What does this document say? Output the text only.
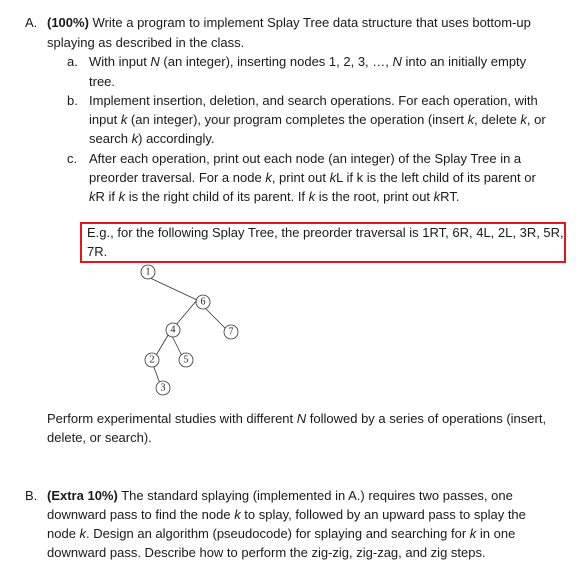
A. (100%) Write a program to implement Splay Tree data structure that uses bottom-up

splaying as described in the class.

a. With input N (an integer), inserting nodes 1, 2, 3, …, N into an initially empty

tree.

b. Implement insertion, deletion, and search operations. For each operation, with

input k (an integer), your program completes the operation (insert k, delete k, or

search k) accordingly.

c. After each operation, print out each node (an integer) of the Splay Tree in a

preorder traversal. For a node k, print out kL if k is the left child of its parent or

kR if k is the right child of its parent. If k is the root, print out kRT.

E.g., for the following Splay Tree, the preorder traversal is 1RT, 6R, 4L, 2L, 3R, 5R,

7R.

1
6
4	7
2	5
3

Perform experimental studies with different N followed by a series of operations (insert,

delete, or search).

B. (Extra 10%) The standard splaying (implemented in A.) requires two passes, one

downward pass to find the node k to splay, followed by an upward pass to splay the

node k. Design an algorithm (pseudocode) for splaying and searching for k in one

downward pass. Describe how to perform the zig-zig, zig-zag, and zig steps.
